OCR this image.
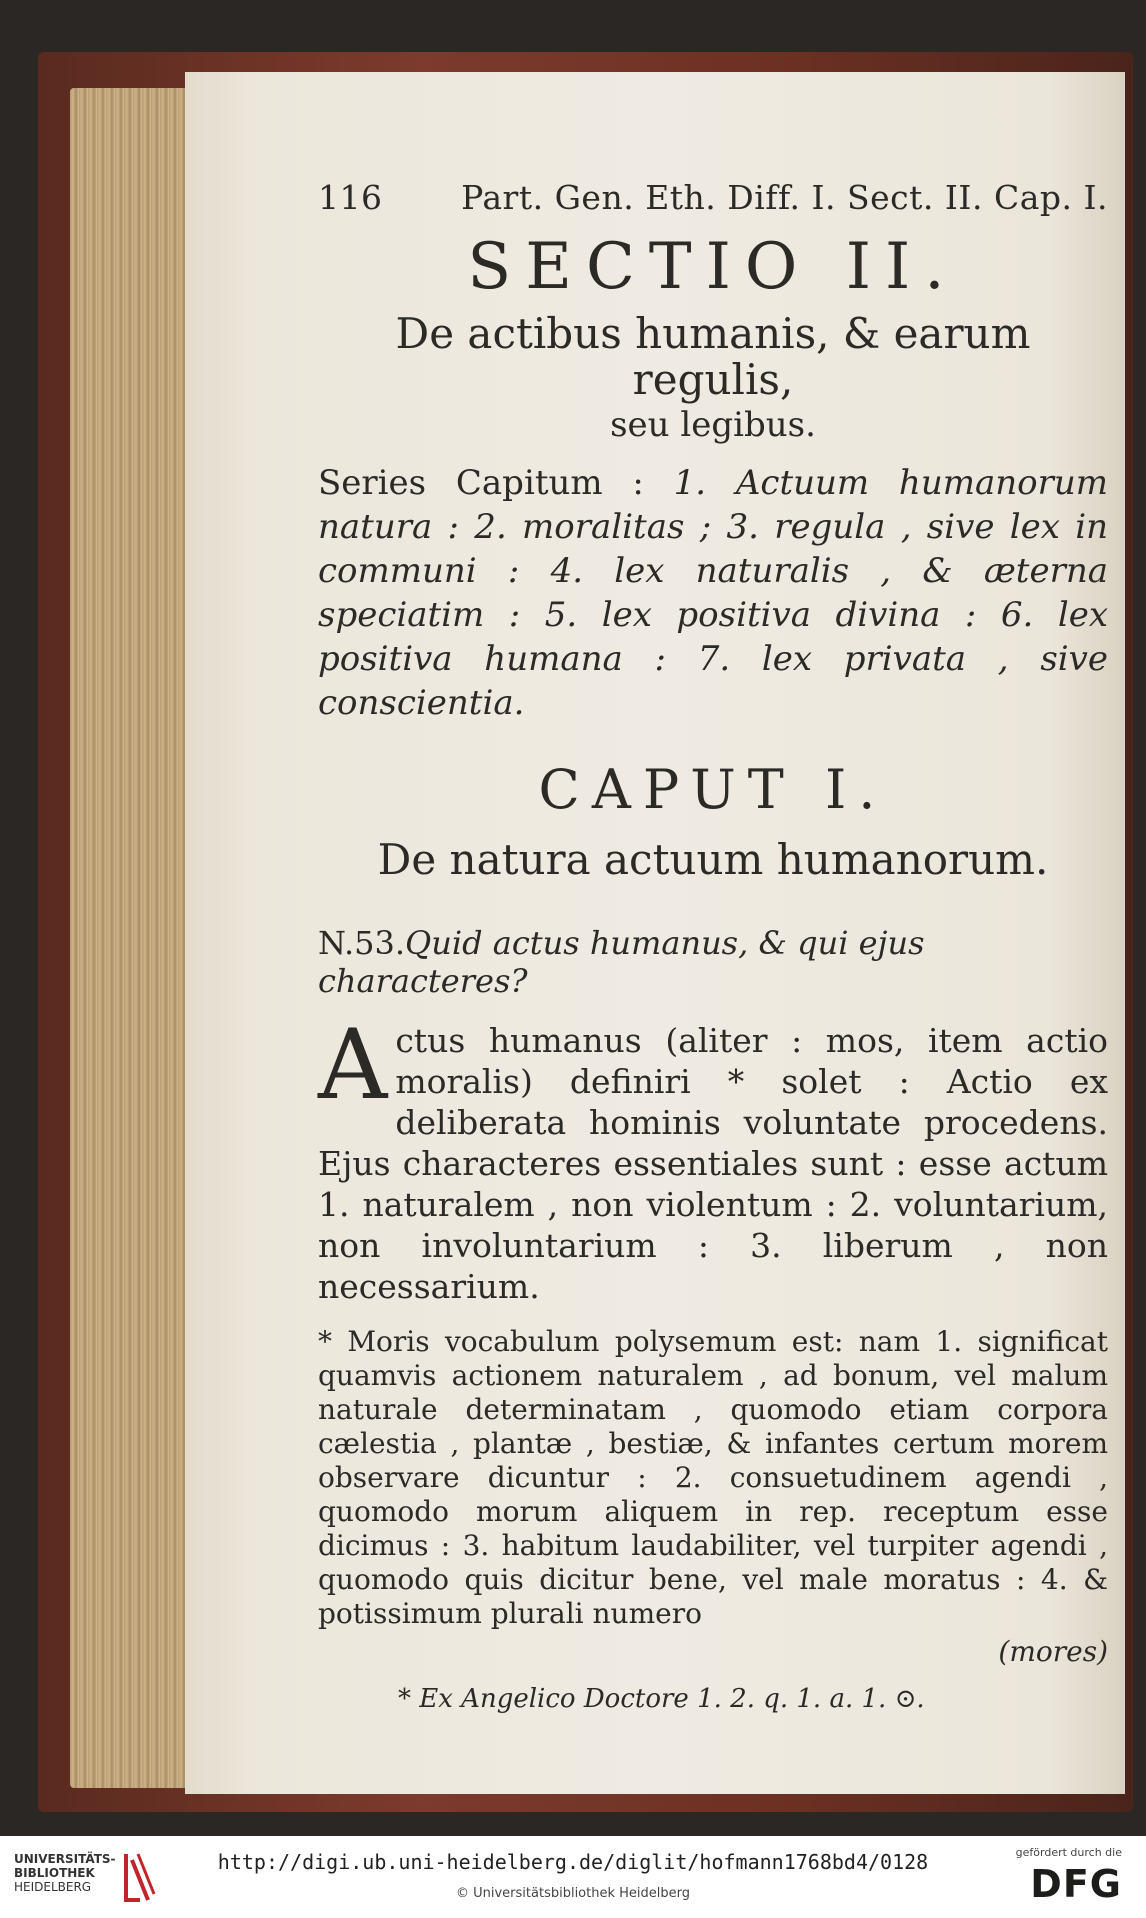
116 Part. Gen. Eth. Diff. I. Sect. II. Cap. I.
SECTIO II.
De actibus humanis, & earum regulis,
seu legibus.
Series Capitum : 1. Actuum humanorum natura : 2. moralitas ; 3. regula , sive lex in communi : 4. lex naturalis , & æterna speciatim : 5. lex positiva divina : 6. lex positiva humana : 7. lex privata , sive conscientia.
CAPUT I.
De natura actuum humanorum.
N.53.Quid actus humanus, & qui ejus characteres?
Actus humanus (aliter : mos, item actio moralis) definiri * solet : Actio ex deliberata hominis voluntate procedens. Ejus characteres essentiales sunt : esse actum 1. naturalem , non violentum : 2. voluntarium, non involuntarium : 3. liberum , non necessarium.
* Moris vocabulum polysemum est: nam 1. significat quamvis actionem naturalem , ad bonum, vel malum naturale determinatam , quomodo etiam corpora cælestia , plantæ , bestiæ, & infantes certum morem observare dicuntur : 2. consuetudinem agendi , quomodo morum aliquem in rep. receptum esse dicimus : 3. habitum laudabiliter, vel turpiter agendi , quomodo quis dicitur bene, vel male moratus : 4. & potissimum plurali numero
(mores)
* Ex Angelico Doctore 1. 2. q. 1. a. 1. ⊙.
UNIVERSITÄTS-
BIBLIOTHEK
HEIDELBERG
http://digi.ub.uni-heidelberg.de/diglit/hofmann1768bd4/0128
© Universitätsbibliothek Heidelberg
gefördert durch die
DFG
